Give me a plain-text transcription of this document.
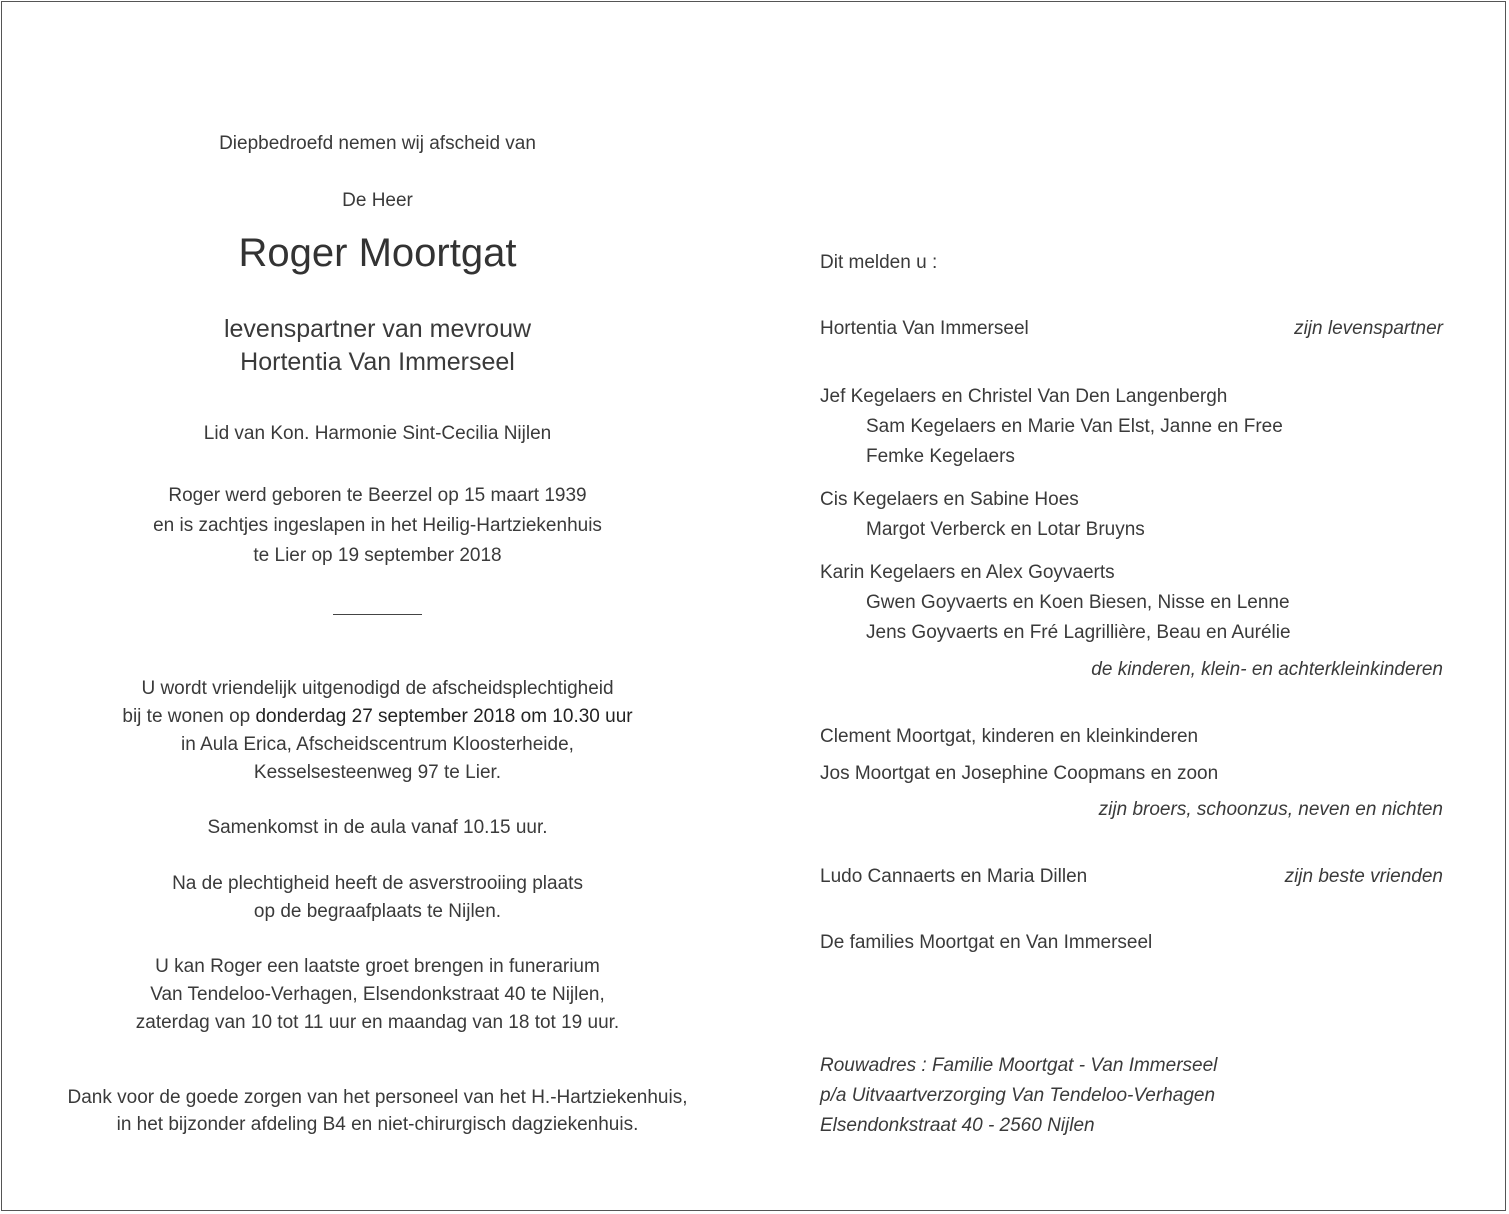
Diepbedroefd nemen wij afscheid van
De Heer
Roger Moortgat
levenspartner van mevrouw
Hortentia Van Immerseel
Lid van Kon. Harmonie Sint-Cecilia Nijlen
Roger werd geboren te Beerzel op 15 maart 1939
en is zachtjes ingeslapen in het Heilig-Hartziekenhuis
te Lier op 19 september 2018
U wordt vriendelijk uitgenodigd de afscheidsplechtigheid
bij te wonen op donderdag 27 september 2018 om 10.30 uur
in Aula Erica, Afscheidscentrum Kloosterheide,
Kesselsesteenweg 97 te Lier.
Samenkomst in de aula vanaf 10.15 uur.
Na de plechtigheid heeft de asverstrooiing plaats
op de begraafplaats te Nijlen.
U kan Roger een laatste groet brengen in funerarium
Van Tendeloo-Verhagen, Elsendonkstraat 40 te Nijlen,
zaterdag van 10 tot 11 uur en maandag van 18 tot 19 uur.
Dank voor de goede zorgen van het personeel van het H.-Hartziekenhuis,
in het bijzonder afdeling B4 en niet-chirurgisch dagziekenhuis.
Dit melden u :
Hortentia Van Immerseel	zijn levenspartner
Jef Kegelaers en Christel Van Den Langenbergh
Sam Kegelaers en Marie Van Elst, Janne en Free
Femke Kegelaers
Cis Kegelaers en Sabine Hoes
Margot Verberck en Lotar Bruyns
Karin Kegelaers en Alex Goyvaerts
Gwen Goyvaerts en Koen Biesen, Nisse en Lenne
Jens Goyvaerts en Fré Lagrillière, Beau en Aurélie
de kinderen, klein- en achterkleinkinderen
Clement Moortgat, kinderen en kleinkinderen
Jos Moortgat en Josephine Coopmans en zoon
zijn broers, schoonzus, neven en nichten
Ludo Cannaerts en Maria Dillen	zijn beste vrienden
De families Moortgat en Van Immerseel
Rouwadres : Familie Moortgat - Van Immerseel
p/a Uitvaartverzorging Van Tendeloo-Verhagen
Elsendonkstraat 40 - 2560 Nijlen
